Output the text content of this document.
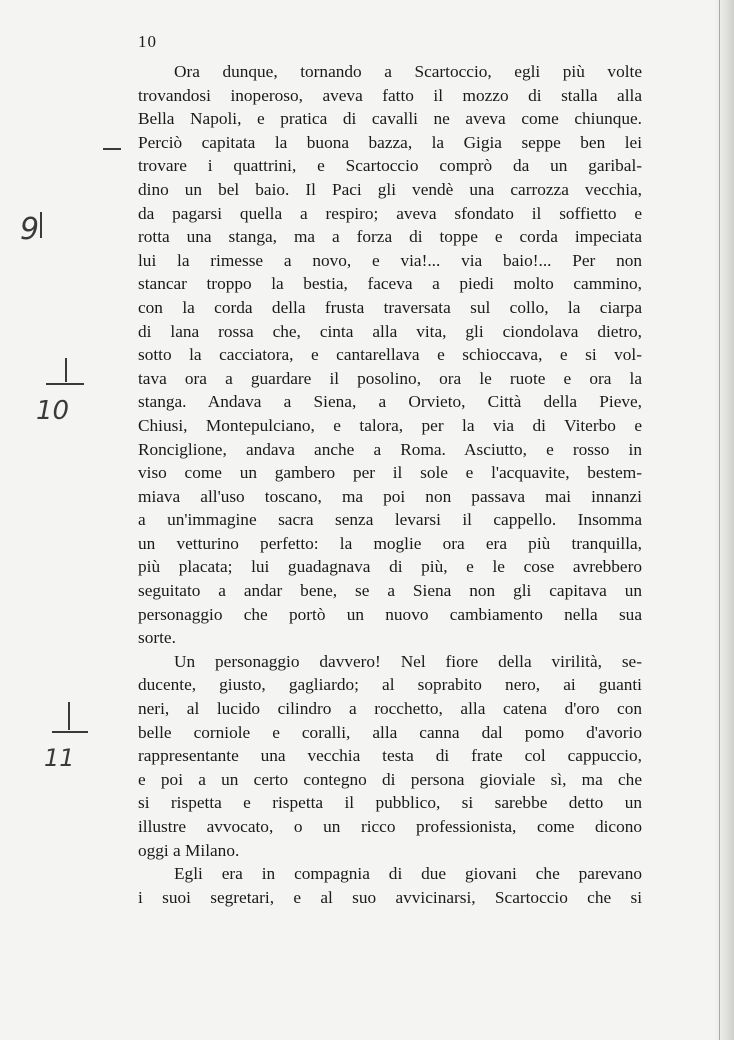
10
9
10
11
Ora dunque, tornando a Scartoccio, egli più volte
trovandosi inoperoso, aveva fatto il mozzo di stalla alla
Bella Napoli, e pratica di cavalli ne aveva come chiunque.
Perciò capitata la buona bazza, la Gigia seppe ben lei
trovare i quattrini, e Scartoccio comprò da un garibal-
dino un bel baio. Il Paci gli vendè una carrozza vecchia,
da pagarsi quella a respiro; aveva sfondato il soffietto e
rotta una stanga, ma a forza di toppe e corda impeciata
lui la rimesse a novo, e via!... via baio!... Per non
stancar troppo la bestia, faceva a piedi molto cammino,
con la corda della frusta traversata sul collo, la ciarpa
di lana rossa che, cinta alla vita, gli ciondolava dietro,
sotto la cacciatora, e cantarellava e schioccava, e si vol-
tava ora a guardare il posolino, ora le ruote e ora la
stanga. Andava a Siena, a Orvieto, Città della Pieve,
Chiusi, Montepulciano, e talora, per la via di Viterbo e
Ronciglione, andava anche a Roma. Asciutto, e rosso in
viso come un gambero per il sole e l'acquavite, bestem-
miava all'uso toscano, ma poi non passava mai innanzi
a un'immagine sacra senza levarsi il cappello. Insomma
un vetturino perfetto: la moglie ora era più tranquilla,
più placata; lui guadagnava di più, e le cose avrebbero
seguitato a andar bene, se a Siena non gli capitava un
personaggio che portò un nuovo cambiamento nella sua
sorte.
Un personaggio davvero! Nel fiore della virilità, se-
ducente, giusto, gagliardo; al soprabito nero, ai guanti
neri, al lucido cilindro a rocchetto, alla catena d'oro con
belle corniole e coralli, alla canna dal pomo d'avorio
rappresentante una vecchia testa di frate col cappuccio,
e poi a un certo contegno di persona gioviale sì, ma che
si rispetta e rispetta il pubblico, si sarebbe detto un
illustre avvocato, o un ricco professionista, come dicono
oggi a Milano.
Egli era in compagnia di due giovani che parevano
i suoi segretari, e al suo avvicinarsi, Scartoccio che si
